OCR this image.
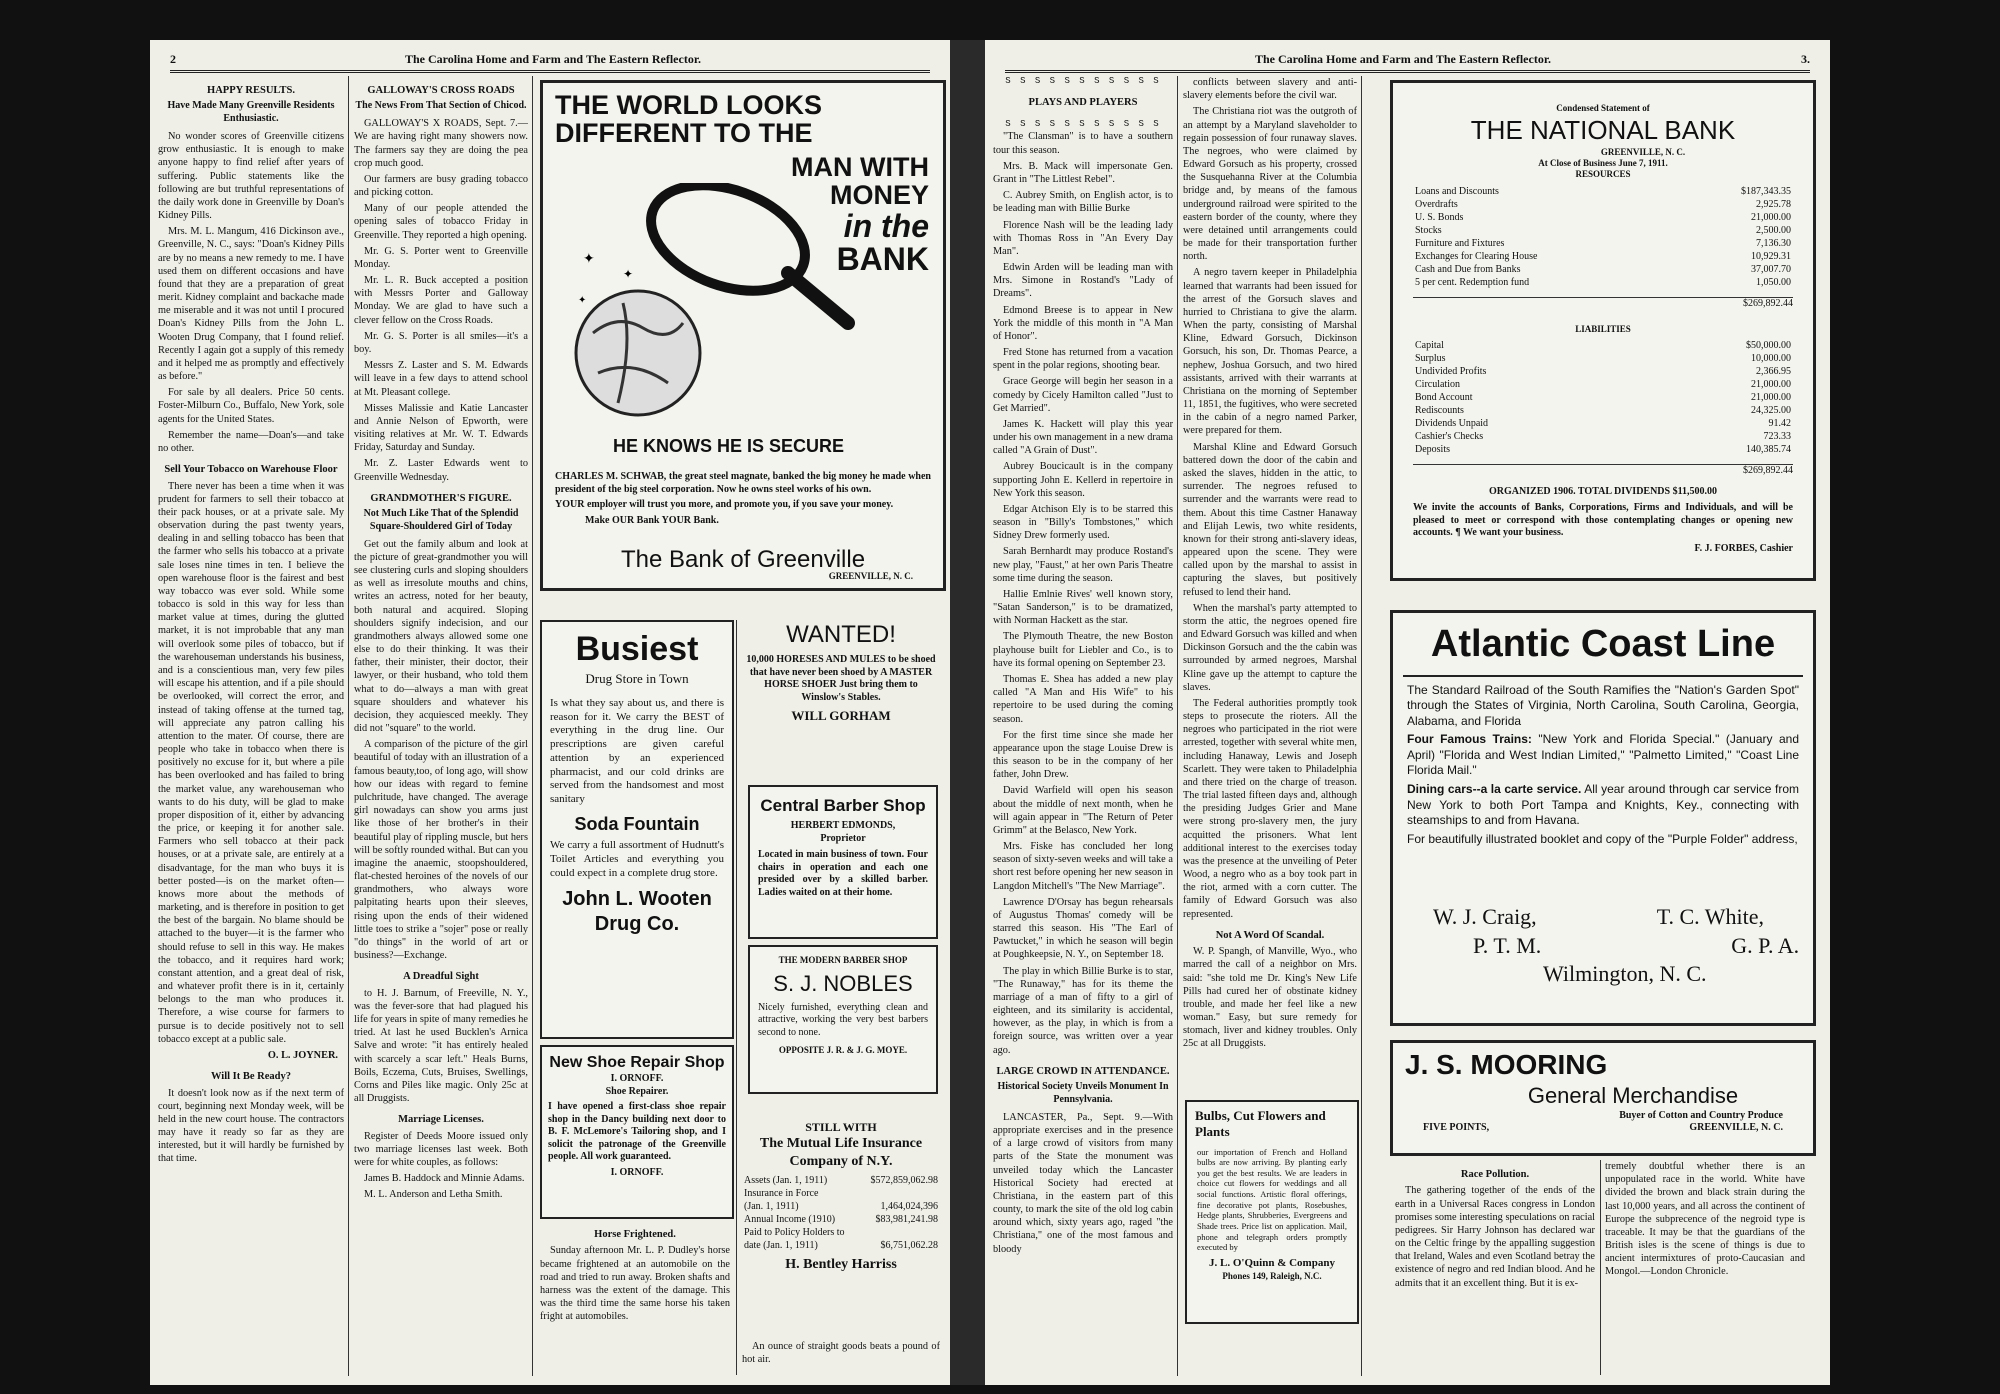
2	The Carolina Home and Farm and The Eastern Reflector.
HAPPY RESULTS.
Have Made Many Greenville Residents Enthusiastic.

No wonder scores of Greenville citizens grow enthusiastic. It is enough to make anyone happy to find relief after years of suffering. Public statements like the following are but truthful representations of the daily work done in Greenville by Doan's Kidney Pills.

Mrs. M. L. Mangum, 416 Dickinson ave., Greenville, N. C., says: "Doan's Kidney Pills are by no means a new remedy to me. I have used them on different occasions and have found that they are a preparation of great merit. Kidney complaint and backache made me miserable and it was not until I procured Doan's Kidney Pills from the John L. Wooten Drug Company, that I found relief. Recently I again got a supply of this remedy and it helped me as promptly and effectively as before."

For sale by all dealers. Price 50 cents. Foster-Milburn Co., Buffalo, New York, sole agents for the United States.

Remember the name—Doan's—and take no other.

Sell Your Tobacco on Warehouse Floor

There never has been a time when it was prudent for farmers to sell their tobacco at their pack houses, or at a private sale. My observation during the past twenty years, dealing in and selling tobacco has been that the farmer who sells his tobacco at a private sale loses nine times in ten. I believe the open warehouse floor is the fairest and best way tobacco was ever sold. While some tobacco is sold in this way for less than market value at times, during the glutted market, it is not improbable that any man will overlook some piles of tobacco, but if the warehouseman understands his business, and is a conscientious man, very few piles will escape his attention, and if a pile should be overlooked, will correct the error, and instead of taking offense at the turned tag, will appreciate any patron calling his attention to the mater. Of course, there are people who take in tobacco when there is positively no excuse for it, but where a pile has been overlooked and has failed to bring the market value, any warehouseman who wants to do his duty, will be glad to make proper disposition of it, either by advancing the price, or keeping it for another sale. Farmers who sell tobacco at their pack houses, or at a private sale, are entirely at a disadvantage, for the man who buys it is better posted—is on the market often—knows more about the methods of marketing, and is therefore in position to get the best of the bargain. No blame should be attached to the buyer—it is the farmer who should refuse to sell in this way. He makes the tobacco, and it requires hard work; constant attention, and a great deal of risk, and whatever profit there is in it, certainly belongs to the man who produces it. Therefore, a wise course for farmers to pursue is to decide positively not to sell tobacco except at a public sale.

O. L. JOYNER.
Will It Be Ready?

It doesn't look now as if the next term of court, beginning next Monday week, will be held in the new court house. The contractors may have it ready so far as they are interested, but it will hardly be furnished by that time.

GALLOWAY'S CROSS ROADS
The News From That Section of Chicod.

GALLOWAY'S X ROADS, Sept. 7.—We are having right many showers now. The farmers say they are doing the pea crop much good.

Our farmers are busy grading tobacco and picking cotton.

Many of our people attended the opening sales of tobacco Friday in Greenville. They reported a high opening.

Mr. G. S. Porter went to Greenville Monday.

Mr. L. R. Buck accepted a position with Messrs Porter and Galloway Monday. We are glad to have such a clever fellow on the Cross Roads.

Mr. G. S. Porter is all smiles—it's a boy.

Messrs Z. Laster and S. M. Edwards will leave in a few days to attend school at Mt. Pleasant college.

Misses Malissie and Katie Lancaster and Annie Nelson of Epworth, were visiting relatives at Mr. W. T. Edwards Friday, Saturday and Sunday.

Mr. Z. Laster Edwards went to Greenville Wednesday.

GRANDMOTHER'S FIGURE.
Not Much Like That of the Splendid Square-Shouldered Girl of Today

Get out the family album and look at the picture of great-grandmother you will see clustering curls and sloping shoulders as well as irresolute mouths and chins, writes an actress, noted for her beauty, both natural and acquired. Sloping shoulders signify indecision, and our grandmothers always allowed some one else to do their thinking. It was their father, their minister, their doctor, their lawyer, or their husband, who told them what to do—always a man with great square shoulders and whatever his decision, they acquiesced meekly. They did not "square" to the world.

A comparison of the picture of the girl beautiful of today with an illustration of a famous beauty,too, of long ago, will show how our ideas with regard to femine pulchritude, have changed. The average girl nowadays can show you arms just like those of her brother's in their beautiful play of rippling muscle, but hers will be softly rounded withal. But can you imagine the anaemic, stoopshouldered, flat-chested heroines of the novels of our grandmothers, who always wore palpitating hearts upon their sleeves, rising upon the ends of their widened little toes to strike a "sojer" pose or really "do things" in the world of art or business?—Exchange.

A Dreadful Sight

to H. J. Barnum, of Freeville, N. Y., was the fever-sore that had plagued his life for years in spite of many remedies he tried. At last he used Bucklen's Arnica Salve and wrote: "it has entirely healed with scarcely a scar left." Heals Burns, Boils, Eczema, Cuts, Bruises, Swellings, Corns and Piles like magic. Only 25c at all Druggists.

Marriage Licenses.

Register of Deeds Moore issued only two marriage licenses last week. Both were for white couples, as follows:

James B. Haddock and Minnie Adams.

M. L. Anderson and Letha Smith.

THE WORLD LOOKS
DIFFERENT TO THE
MAN WITH
MONEY
in the
BANK
✦
✦
✦
HE KNOWS HE IS SECURE

CHARLES M. SCHWAB, the great steel magnate, banked the big money he made when president of the big steel corporation. Now he owns steel works of his own.

YOUR employer will trust you more, and promote you, if you save your money.

Make OUR Bank YOUR Bank.

The Bank of Greenville
GREENVILLE, N. C.
Busiest
Drug Store in Town

Is what they say about us, and there is reason for it. We carry the BEST of everything in the drug line. Our prescriptions are given careful attention by an experienced pharmacist, and our cold drinks are served from the handsomest and most sanitary

Soda Fountain

We carry a full assortment of Hudnutt's Toilet Articles and everything you could expect in a complete drug store.

John L. Wooten
Drug Co.
WANTED!

10,000 HORESES AND MULES to be shoed that have never been shoed by A MASTER HORSE SHOER Just bring them to Winslow's Stables.

WILL GORHAM
Central Barber Shop
HERBERT EDMONDS,
Proprietor

Located in main business of town. Four chairs in operation and each one presided over by a skilled barber. Ladies waited on at their home.

THE MODERN BARBER SHOP
S. J. NOBLES

Nicely furnished, everything clean and attractive, working the very best barbers second to none.

OPPOSITE J. R. & J. G. MOYE.
New Shoe Repair Shop
I. ORNOFF.
Shoe Repairer.

I have opened a first-class shoe repair shop in the Dancy building next door to B. F. McLemore's Tailoring shop, and I solicit the patronage of the Greenville people. All work guaranteed.

I. ORNOFF.
Horse Frightened.

Sunday afternoon Mr. L. P. Dudley's horse became frightened at an automobile on the road and tried to run away. Broken shafts and harness was the extent of the damage. This was the third time the same horse his taken fright at automobiles.

STILL WITH
The Mutual Life Insurance
Company of N.Y.
Assets (Jan. 1, 1911)	$572,859,062.98
Insurance in Force	
(Jan. 1, 1911)	1,464,024,396
Annual Income (1910)	$83,981,241.98
Paid to Policy Holders to	
date (Jan. 1, 1911)	$6,751,062.28
H. Bentley Harriss

An ounce of straight goods beats a pound of hot air.

The Carolina Home and Farm and The Eastern Reflector.	3.
S S S S S S S S S S S
PLAYS AND PLAYERS
S S S S S S S S S S S

"The Clansman" is to have a southern tour this season.

Mrs. B. Mack will impersonate Gen. Grant in "The Littlest Rebel".

C. Aubrey Smith, on English actor, is to be leading man with Billie Burke

Florence Nash will be the leading lady with Thomas Ross in "An Every Day Man".

Edwin Arden will be leading man with Mrs. Simone in Rostand's "Lady of Dreams".

Edmond Breese is to appear in New York the middle of this month in "A Man of Honor".

Fred Stone has returned from a vacation spent in the polar regions, shooting bear.

Grace George will begin her season in a comedy by Cicely Hamilton called "Just to Get Married".

James K. Hackett will play this year under his own management in a new drama called "A Grain of Dust".

Aubrey Boucicault is in the company supporting John E. Kellerd in repertoire in New York this season.

Edgar Atchison Ely is to be starred this season in "Billy's Tombstones," which Sidney Drew formerly used.

Sarah Bernhardt may produce Rostand's new play, "Faust," at her own Paris Theatre some time during the season.

Hallie Emlnie Rives' well known story, "Satan Sanderson," is to be dramatized, with Norman Hackett as the star.

The Plymouth Theatre, the new Boston playhouse built for Liebler and Co., is to have its formal opening on September 23.

Thomas E. Shea has added a new play called "A Man and His Wife" to his repertoire to be used during the coming season.

For the first time since she made her appearance upon the stage Louise Drew is this season to be in the company of her father, John Drew.

David Warfield will open his season about the middle of next month, when he will again appear in "The Return of Peter Grimm" at the Belasco, New York.

Mrs. Fiske has concluded her long season of sixty-seven weeks and will take a short rest before opening her new season in Langdon Mitchell's "The New Marriage".

Lawrence D'Orsay has begun rehearsals of Augustus Thomas' comedy will be starred this season. His "The Earl of Pawtucket," in which he season will begin at Poughkeepsie, N. Y., on September 18.

The play in which Billie Burke is to star, "The Runaway," has for its theme the marriage of a man of fifty to a girl of eighteen, and its similarity is accidental, however, as the play, in which is from a foreign source, was written over a year ago.

LARGE CROWD IN ATTENDANCE.
Historical Society Unveils Monument In Pennsylvania.

LANCASTER, Pa., Sept. 9.—With appropriate exercises and in the presence of a large crowd of visitors from many parts of the State the monument was unveiled today which the Lancaster Historical Society had erected at Christiana, in the eastern part of this county, to mark the site of the old log cabin around which, sixty years ago, raged "the Christiana," one of the most famous and bloody

conflicts between slavery and anti-slavery elements before the civil war.

The Christiana riot was the outgroth of an attempt by a Maryland slaveholder to regain possession of four runaway slaves. The negroes, who were claimed by Edward Gorsuch as his property, crossed the Susquehanna River at the Columbia bridge and, by means of the famous underground railroad were spirited to the eastern border of the county, where they were detained until arrangements could be made for their transportation further north.

A negro tavern keeper in Philadelphia learned that warrants had been issued for the arrest of the Gorsuch slaves and hurried to Christiana to give the alarm. When the party, consisting of Marshal Kline, Edward Gorsuch, Dickinson Gorsuch, his son, Dr. Thomas Pearce, a nephew, Joshua Gorsuch, and two hired assistants, arrived with their warrants at Christiana on the morning of September 11, 1851, the fugitives, who were secreted in the cabin of a negro named Parker, were prepared for them.

Marshal Kline and Edward Gorsuch battered down the door of the cabin and asked the slaves, hidden in the attic, to surrender. The negroes refused to surrender and the warrants were read to them. About this time Castner Hanaway and Elijah Lewis, two white residents, known for their strong anti-slavery ideas, appeared upon the scene. They were called upon by the marshal to assist in capturing the slaves, but positively refused to lend their hand.

When the marshal's party attempted to storm the attic, the negroes opened fire and Edward Gorsuch was killed and when Dickinson Gorsuch and the the cabin was surrounded by armed negroes, Marshal Kline gave up the attempt to capture the slaves.

The Federal authorities promptly took steps to prosecute the rioters. All the negroes who participated in the riot were arrested, together with several white men, including Hanaway, Lewis and Joseph Scarlett. They were taken to Philadelphia and there tried on the charge of treason. The trial lasted fifteen days and, although the presiding Judges Grier and Mane were strong pro-slavery men, the jury acquitted the prisoners. What lent additional interest to the exercises today was the presence at the unveiling of Peter Wood, a negro who as a boy took part in the riot, armed with a corn cutter. The family of Edward Gorsuch was also represented.

Not A Word Of Scandal.

W. P. Spangh, of Manville, Wyo., who marred the call of a neighbor on Mrs. said: "she told me Dr. King's New Life Pills had cured her of obstinate kidney trouble, and made her feel like a new woman." Easy, but sure remedy for stomach, liver and kidney troubles. Only 25c at all Druggists.

Bulbs, Cut Flowers and Plants

our importation of French and Holland bulbs are now arriving. By planting early you get the best results. We are leaders in choice cut flowers for weddings and all social functions. Artistic floral offerings, fine decorative pot plants, Rosebushes, Hedge plants, Shrubberies, Evergreens and Shade trees. Price list on application. Mail, phone and telegraph orders promptly executed by

J. L. O'Quinn & Company
Phones 149, Raleigh, N.C.
Condensed Statement of
THE NATIONAL BANK
GREENVILLE, N. C.
At Close of Business June 7, 1911.
RESOURCES
Loans and Discounts	$187,343.35
Overdrafts	2,925.78
U. S. Bonds	21,000.00
Stocks	2,500.00
Furniture and Fixtures	7,136.30
Exchanges for Clearing House	10,929.31
Cash and Due from Banks	37,007.70
5 per cent. Redemption fund	1,050.00
$269,892.44
LIABILITIES
Capital	$50,000.00
Surplus	10,000.00
Undivided Profits	2,366.95
Circulation	21,000.00
Bond Account	21,000.00
Rediscounts	24,325.00
Dividends Unpaid	91.42
Cashier's Checks	723.33
Deposits	140,385.74
$269,892.44
ORGANIZED 1906. TOTAL DIVIDENDS $11,500.00

We invite the accounts of Banks, Corporations, Firms and Individuals, and will be pleased to meet or correspond with those contemplating changes or opening new accounts. ¶ We want your business.

F. J. FORBES, Cashier
Atlantic Coast Line

The Standard Railroad of the South Ramifies the "Nation's Garden Spot" through the States of Virginia, North Carolina, South Carolina, Georgia, Alabama, and Florida

Four Famous Trains: "New York and Florida Special." (January and April) "Florida and West Indian Limited," "Palmetto Limited," "Coast Line Florida Mail."

Dining cars--a la carte service. All year around through car service from New York to both Port Tampa and Knights, Key., connecting with steamships to and from Havana.

For beautifully illustrated booklet and copy of the "Purple Folder" address,

W. J. Craig,	T. C. White,
P. T. M.	G. P. A.
Wilmington, N. C.
J. S. MOORING
General Merchandise
Buyer of Cotton and Country Produce
FIVE POINTS,	GREENVILLE, N. C.
Race Pollution.

The gathering together of the ends of the earth in a Universal Races congress in London promises some interesting speculations on racial pedigrees. Sir Harry Johnson has declared war on the Celtic fringe by the appalling suggestion that Ireland, Wales and even Scotland betray the existence of negro and red Indian blood. And he admits that it an excellent thing. But it is ex-

tremely doubtful whether there is an unpopulated race in the world. White have divided the brown and black strain during the last 10,000 years, and all across the continent of Europe the subprecence of the negroid type is traceable. It may be that the guardians of the British isles is the scene of things is due to ancient intermixtures of proto-Caucasian and Mongol.—London Chronicle.
